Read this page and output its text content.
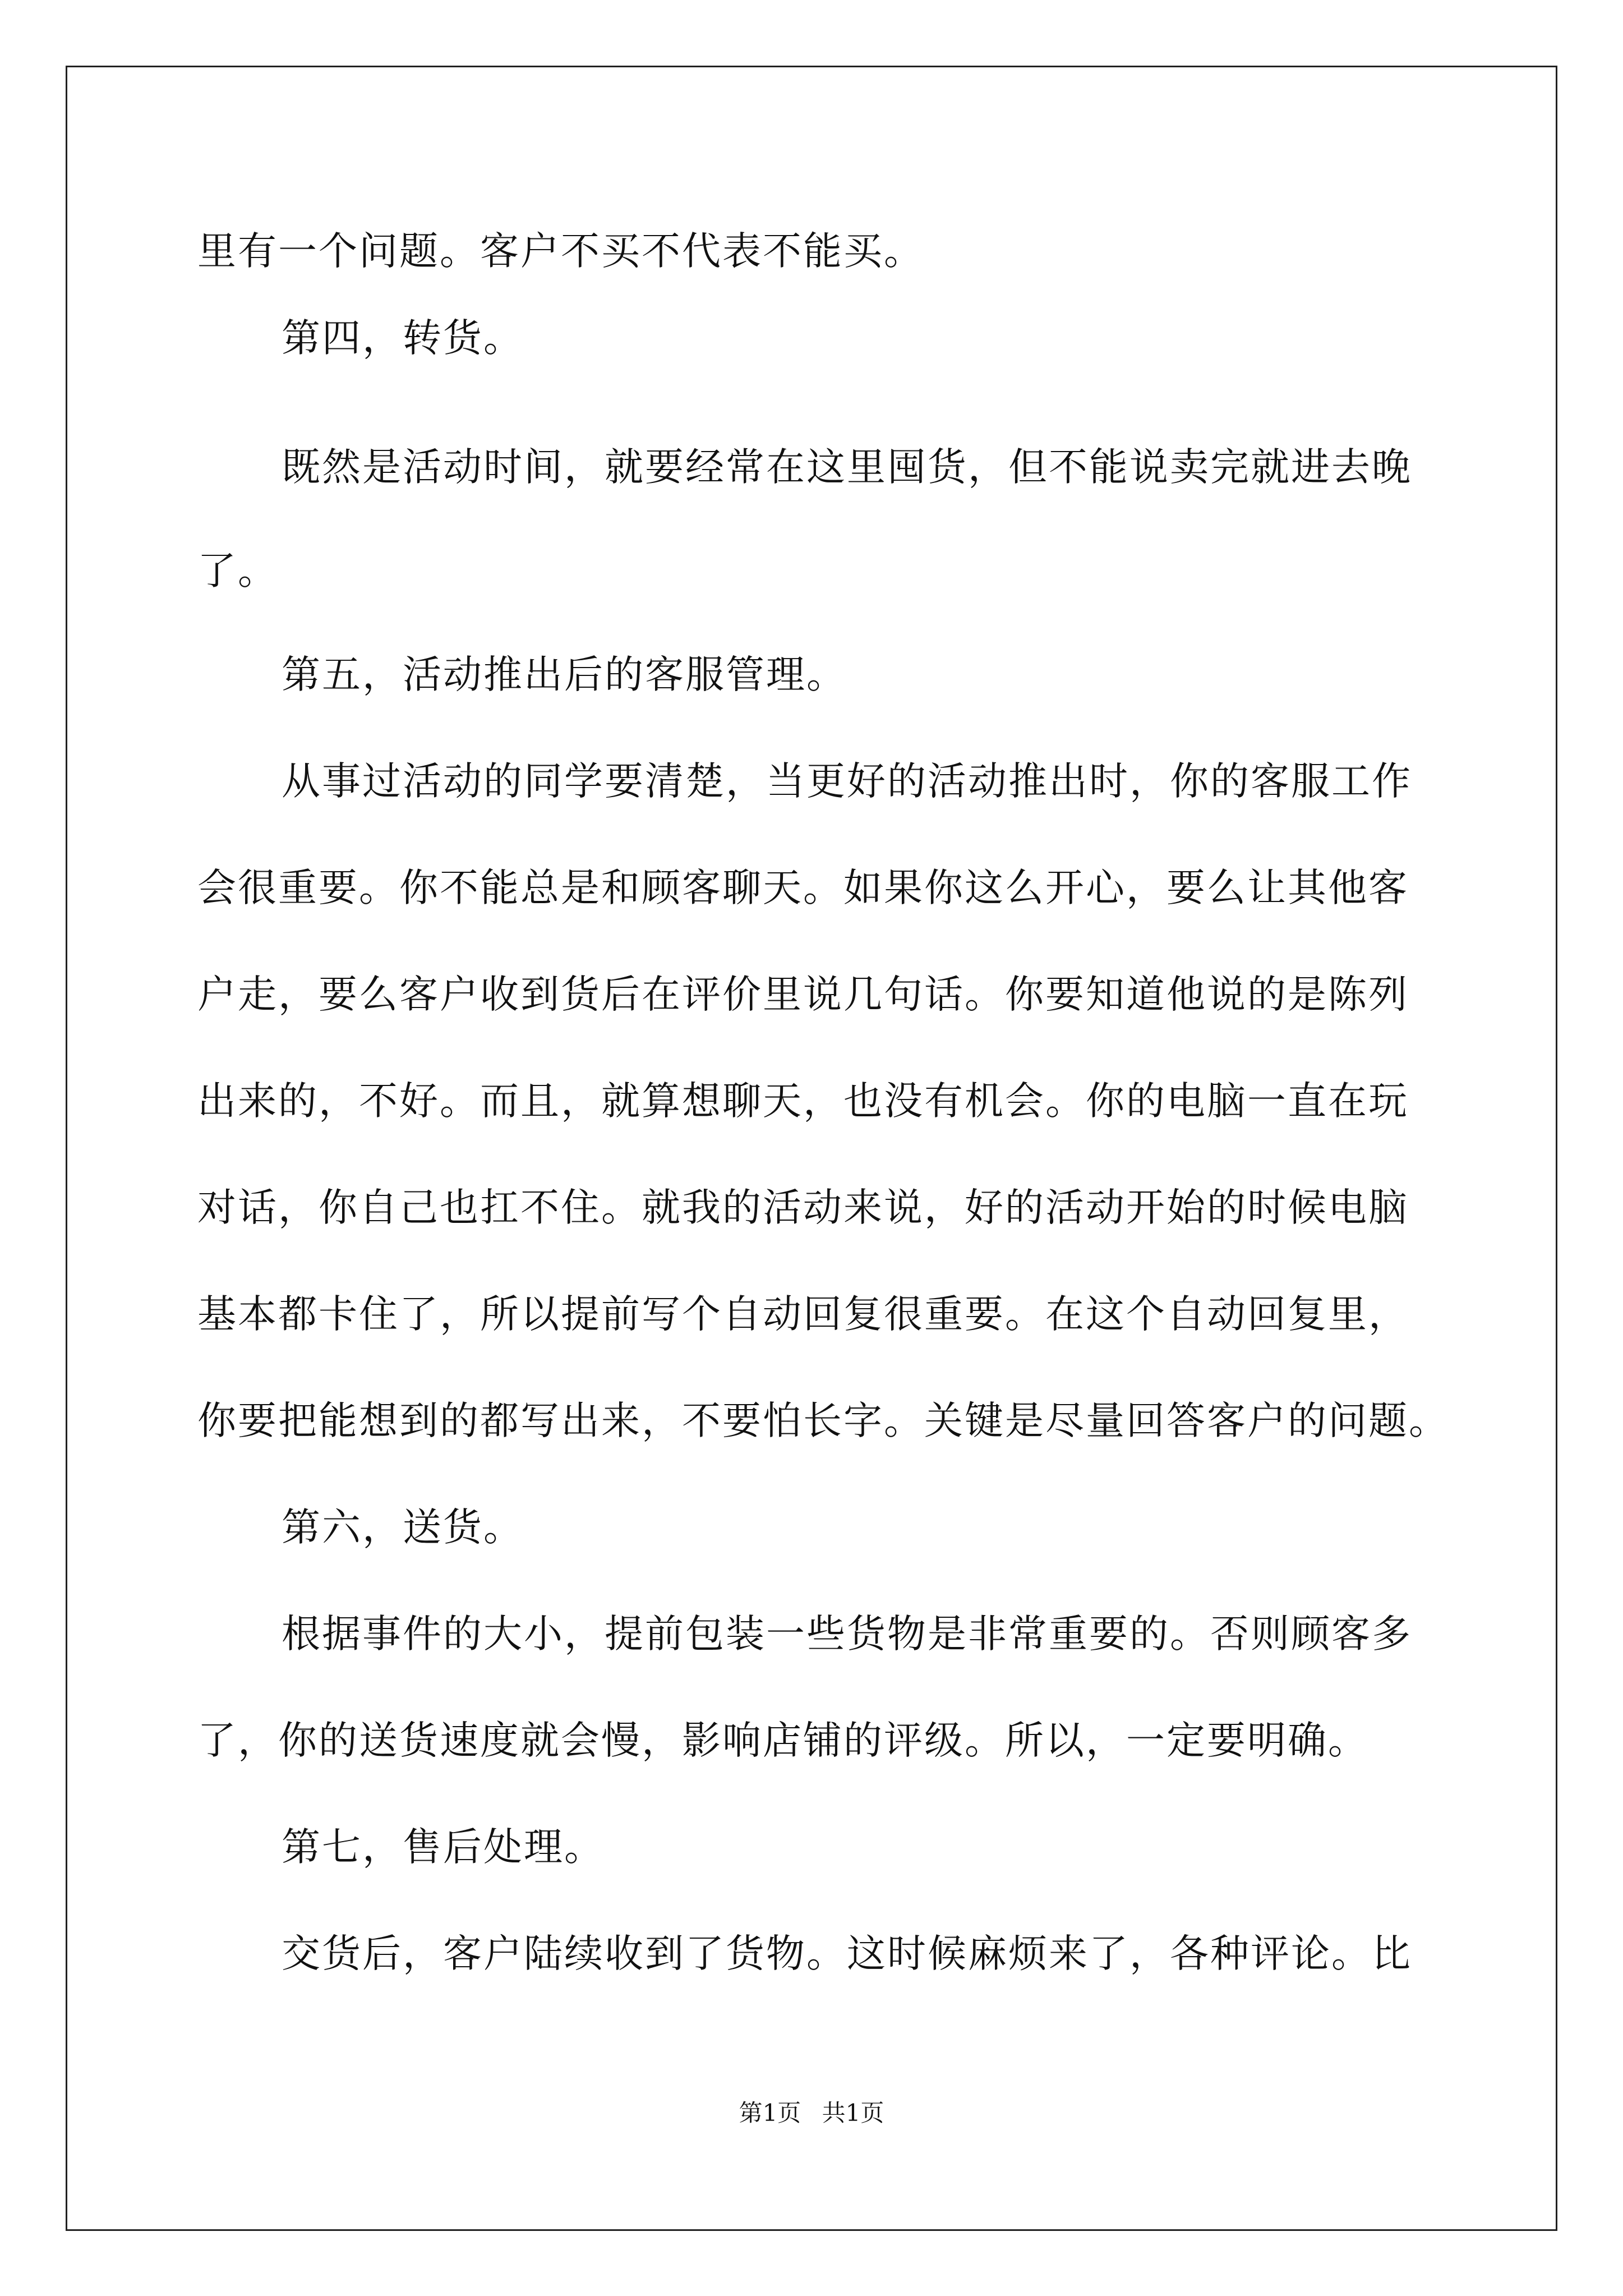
里有一个问题。客户不买不代表不能买。
第四，转货。
既然是活动时间，就要经常在这里囤货，但不能说卖完就进去晚
了。
第五，活动推出后的客服管理。
从事过活动的同学要清楚，当更好的活动推出时，你的客服工作
会很重要。你不能总是和顾客聊天。如果你这么开心，要么让其他客
户走，要么客户收到货后在评价里说几句话。你要知道他说的是陈列
出来的，不好。而且，就算想聊天，也没有机会。你的电脑一直在玩
对话，你自己也扛不住。就我的活动来说，好的活动开始的时候电脑
基本都卡住了，所以提前写个自动回复很重要。在这个自动回复里，
你要把能想到的都写出来，不要怕长字。关键是尽量回答客户的问题。
第六，送货。
根据事件的大小，提前包装一些货物是非常重要的。否则顾客多
了，你的送货速度就会慢，影响店铺的评级。所以，一定要明确。
第七，售后处理。
交货后，客户陆续收到了货物。这时候麻烦来了，各种评论。比
第1页 共1页
